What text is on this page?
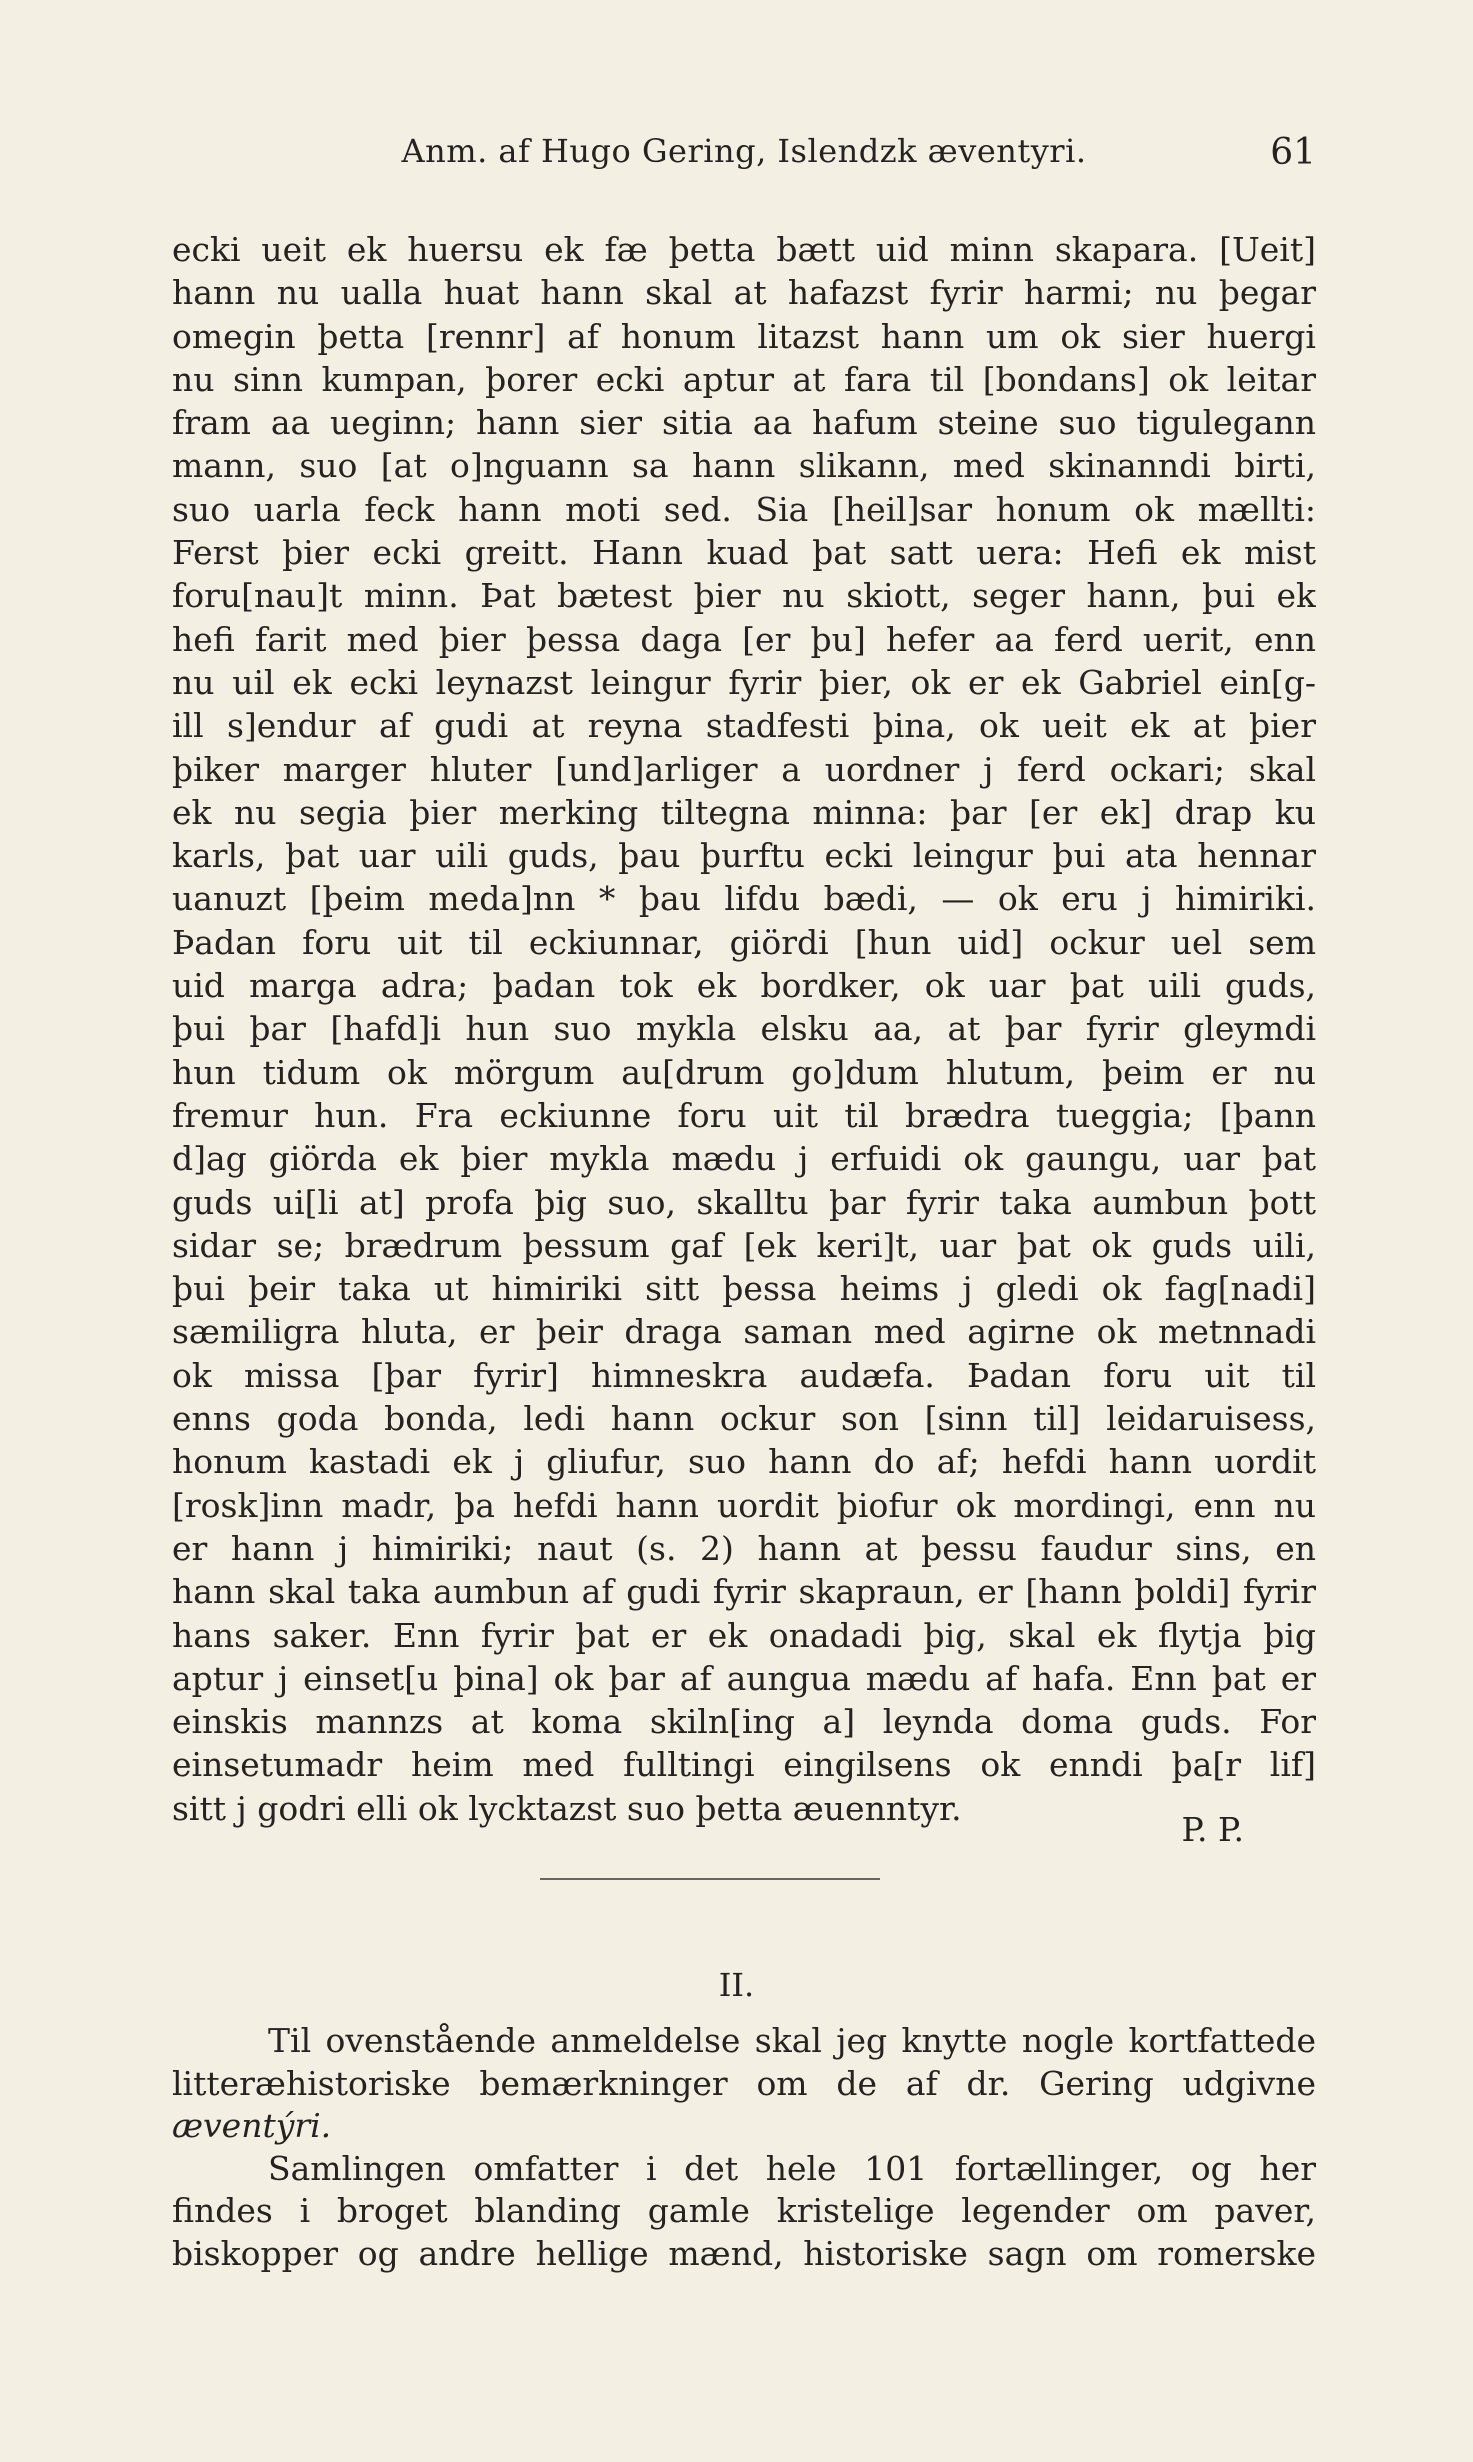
Anm. af Hugo Gering, Islendzk æventyri.	61
ecki ueit ek huersu ek fæ þetta bætt uid minn skapara. [Ueit]
hann nu ualla huat hann skal at hafazst fyrir harmi; nu þegar
omegin þetta [rennr] af honum litazst hann um ok sier huergi
nu sinn kumpan, þorer ecki aptur at fara til [bondans] ok leitar
fram aa ueginn; hann sier sitia aa hafum steine suo tigulegann
mann, suo [at o]nguann sa hann slikann, med skinanndi birti,
suo uarla feck hann moti sed. Sia [heil]sar honum ok mællti:
Ferst þier ecki greitt. Hann kuad þat satt uera: Hefi ek mist
foru[nau]t minn. Þat bætest þier nu skiott, seger hann, þui ek
hefi farit med þier þessa daga [er þu] hefer aa ferd uerit, enn
nu uil ek ecki leynazst leingur fyrir þier, ok er ek Gabriel ein[g-
ill s]endur af gudi at reyna stadfesti þina, ok ueit ek at þier
þiker marger hluter [und]arliger a uordner j ferd ockari; skal
ek nu segia þier merking tiltegna minna: þar [er ek] drap ku
karls, þat uar uili guds, þau þurftu ecki leingur þui ata hennar
uanuzt [þeim meda]nn * þau lifdu bædi, — ok eru j himiriki.
Þadan foru uit til eckiunnar, giördi [hun uid] ockur uel sem
uid marga adra; þadan tok ek bordker, ok uar þat uili guds,
þui þar [hafd]i hun suo mykla elsku aa, at þar fyrir gleymdi
hun tidum ok mörgum au[drum go]dum hlutum, þeim er nu
fremur hun. Fra eckiunne foru uit til brædra tueggia; [þann
d]ag giörda ek þier mykla mædu j erfuidi ok gaungu, uar þat
guds ui[li at] profa þig suo, skalltu þar fyrir taka aumbun þott
sidar se; brædrum þessum gaf [ek keri]t, uar þat ok guds uili,
þui þeir taka ut himiriki sitt þessa heims j gledi ok fag[nadi]
sæmiligra hluta, er þeir draga saman med agirne ok metnnadi
ok missa [þar fyrir] himneskra audæfa. Þadan foru uit til
enns goda bonda, ledi hann ockur son [sinn til] leidaruisess,
honum kastadi ek j gliufur, suo hann do af; hefdi hann uordit
[rosk]inn madr, þa hefdi hann uordit þiofur ok mordingi, enn nu
er hann j himiriki; naut (s. 2) hann at þessu faudur sins, en
hann skal taka aumbun af gudi fyrir skapraun, er [hann þoldi] fyrir
hans saker. Enn fyrir þat er ek onadadi þig, skal ek flytja þig
aptur j einset[u þina] ok þar af aungua mædu af hafa. Enn þat er
einskis mannzs at koma skiln[ing a] leynda doma guds. For
einsetumadr heim med fulltingi eingilsens ok enndi þa[r lif]
sitt j godri elli ok lycktazst suo þetta æuenntyr.
P. P.
II.
Til ovenstående anmeldelse skal jeg knytte nogle kortfattede
litteræhistoriske bemærkninger om de af dr. Gering udgivne
æventýri.
Samlingen omfatter i det hele 101 fortællinger, og her
findes i broget blanding gamle kristelige legender om paver,
biskopper og andre hellige mænd, historiske sagn om romerske
